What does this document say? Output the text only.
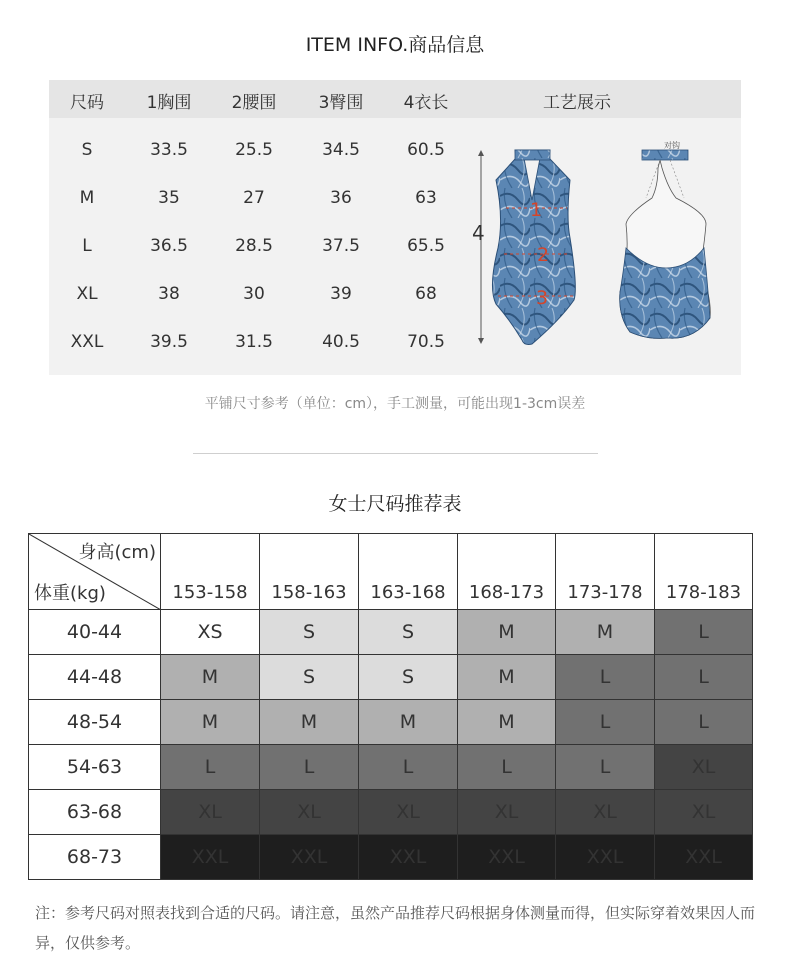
ITEM INFO.商品信息
尺码	1胸围	2腰围	3臀围	4衣长	工艺展示
S	33.5	25.5	34.5	60.5
M	35	27	36	63
L	36.5	28.5	37.5	65.5
XL	38	30	39	68
XXL	39.5	31.5	40.5	70.5
4
1
2
3
对钩
平铺尺寸参考（单位：cm），手工测量，可能出现1-3cm误差
女士尺码推荐表
身高(cm)
体重(kg)	153-158	158-163	163-168	168-173	173-178	178-183
40-44	XS	S	S	M	M	L
44-48	M	S	S	M	L	L
48-54	M	M	M	M	L	L
54-63	L	L	L	L	L	XL
63-68	XL	XL	XL	XL	XL	XL
68-73	XXL	XXL	XXL	XXL	XXL	XXL
注：参考尺码对照表找到合适的尺码。请注意，虽然产品推荐尺码根据身体测量而得，但实际穿着效果因人而异，仅供参考。
